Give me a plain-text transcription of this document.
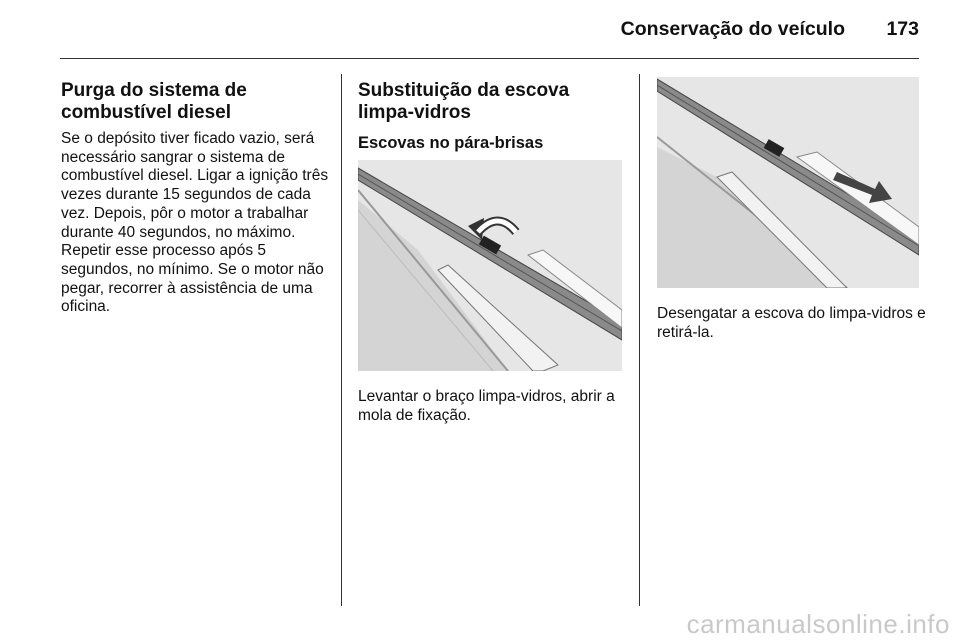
Conservação do veículo 173
Purga do sistema de combustível diesel

Se o depósito tiver ficado vazio, será necessário sangrar o sistema de combustível diesel. Ligar a ignição três vezes durante 15 segundos de cada vez. Depois, pôr o motor a trabalhar durante 40 segundos, no máximo. Repetir esse processo após 5 segundos, no mínimo. Se o motor não pegar, recorrer à assistência de uma oficina.

Substituição da escova limpa-vidros
Escovas no pára-brisas

Levantar o braço limpa-vidros, abrir a mola de fixação.

Desengatar a escova do limpa-vidros e retirá-la.

carmanualsonline.info
